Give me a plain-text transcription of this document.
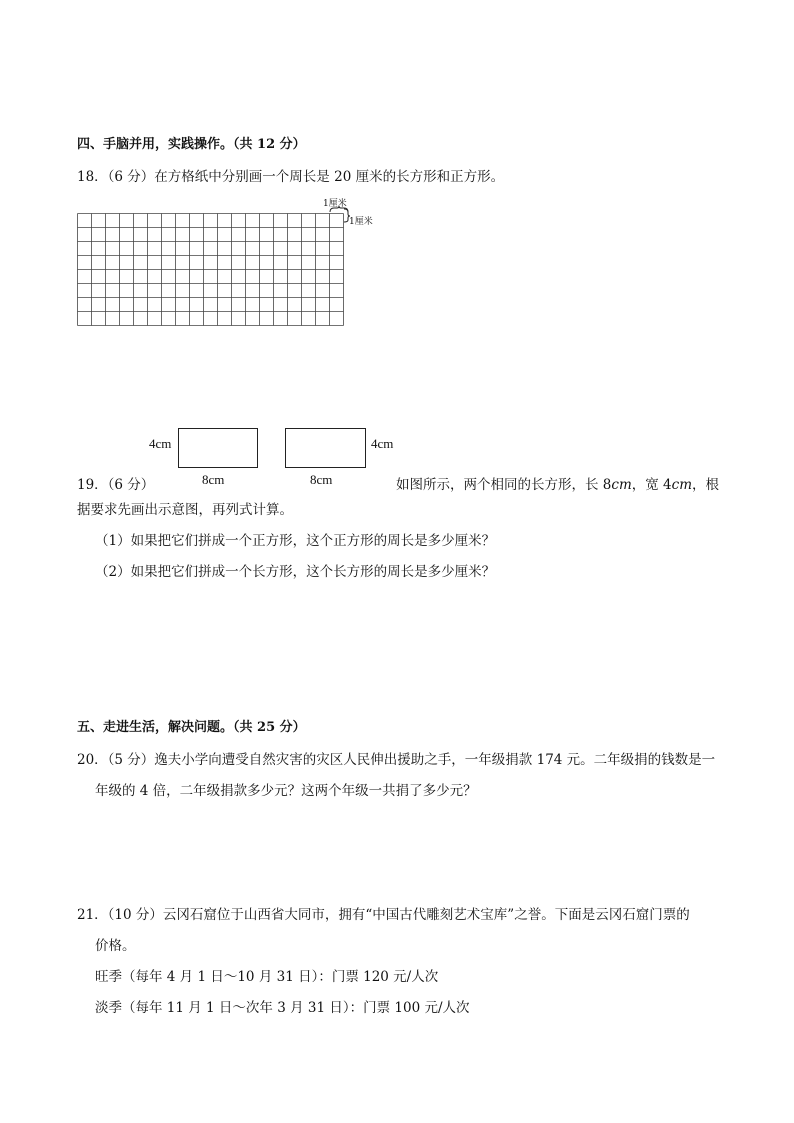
四、手脑并用，实践操作。（共 12 分）
18．（6 分）在方格纸中分别画一个周长是 20 厘米的长方形和正方形。
1厘米
1厘米
4cm
8cm
4cm
8cm
19．（6 分）	如图所示，两个相同的长方形，长 8cm，宽 4cm，根
据要求先画出示意图，再列式计算。
（1）如果把它们拼成一个正方形，这个正方形的周长是多少厘米？
（2）如果把它们拼成一个长方形，这个长方形的周长是多少厘米？
五、走进生活，解决问题。（共 25 分）
20．（5 分）逸夫小学向遭受自然灾害的灾区人民伸出援助之手，一年级捐款 174 元。二年级捐的钱数是一
年级的 4 倍，二年级捐款多少元？这两个年级一共捐了多少元？
21．（10 分）云冈石窟位于山西省大同市，拥有“中国古代雕刻艺术宝库”之誉。下面是云冈石窟门票的
价格。
旺季（每年 4 月 1 日～10 月 31 日）：门票 120 元/人次
淡季（每年 11 月 1 日～次年 3 月 31 日）：门票 100 元/人次
